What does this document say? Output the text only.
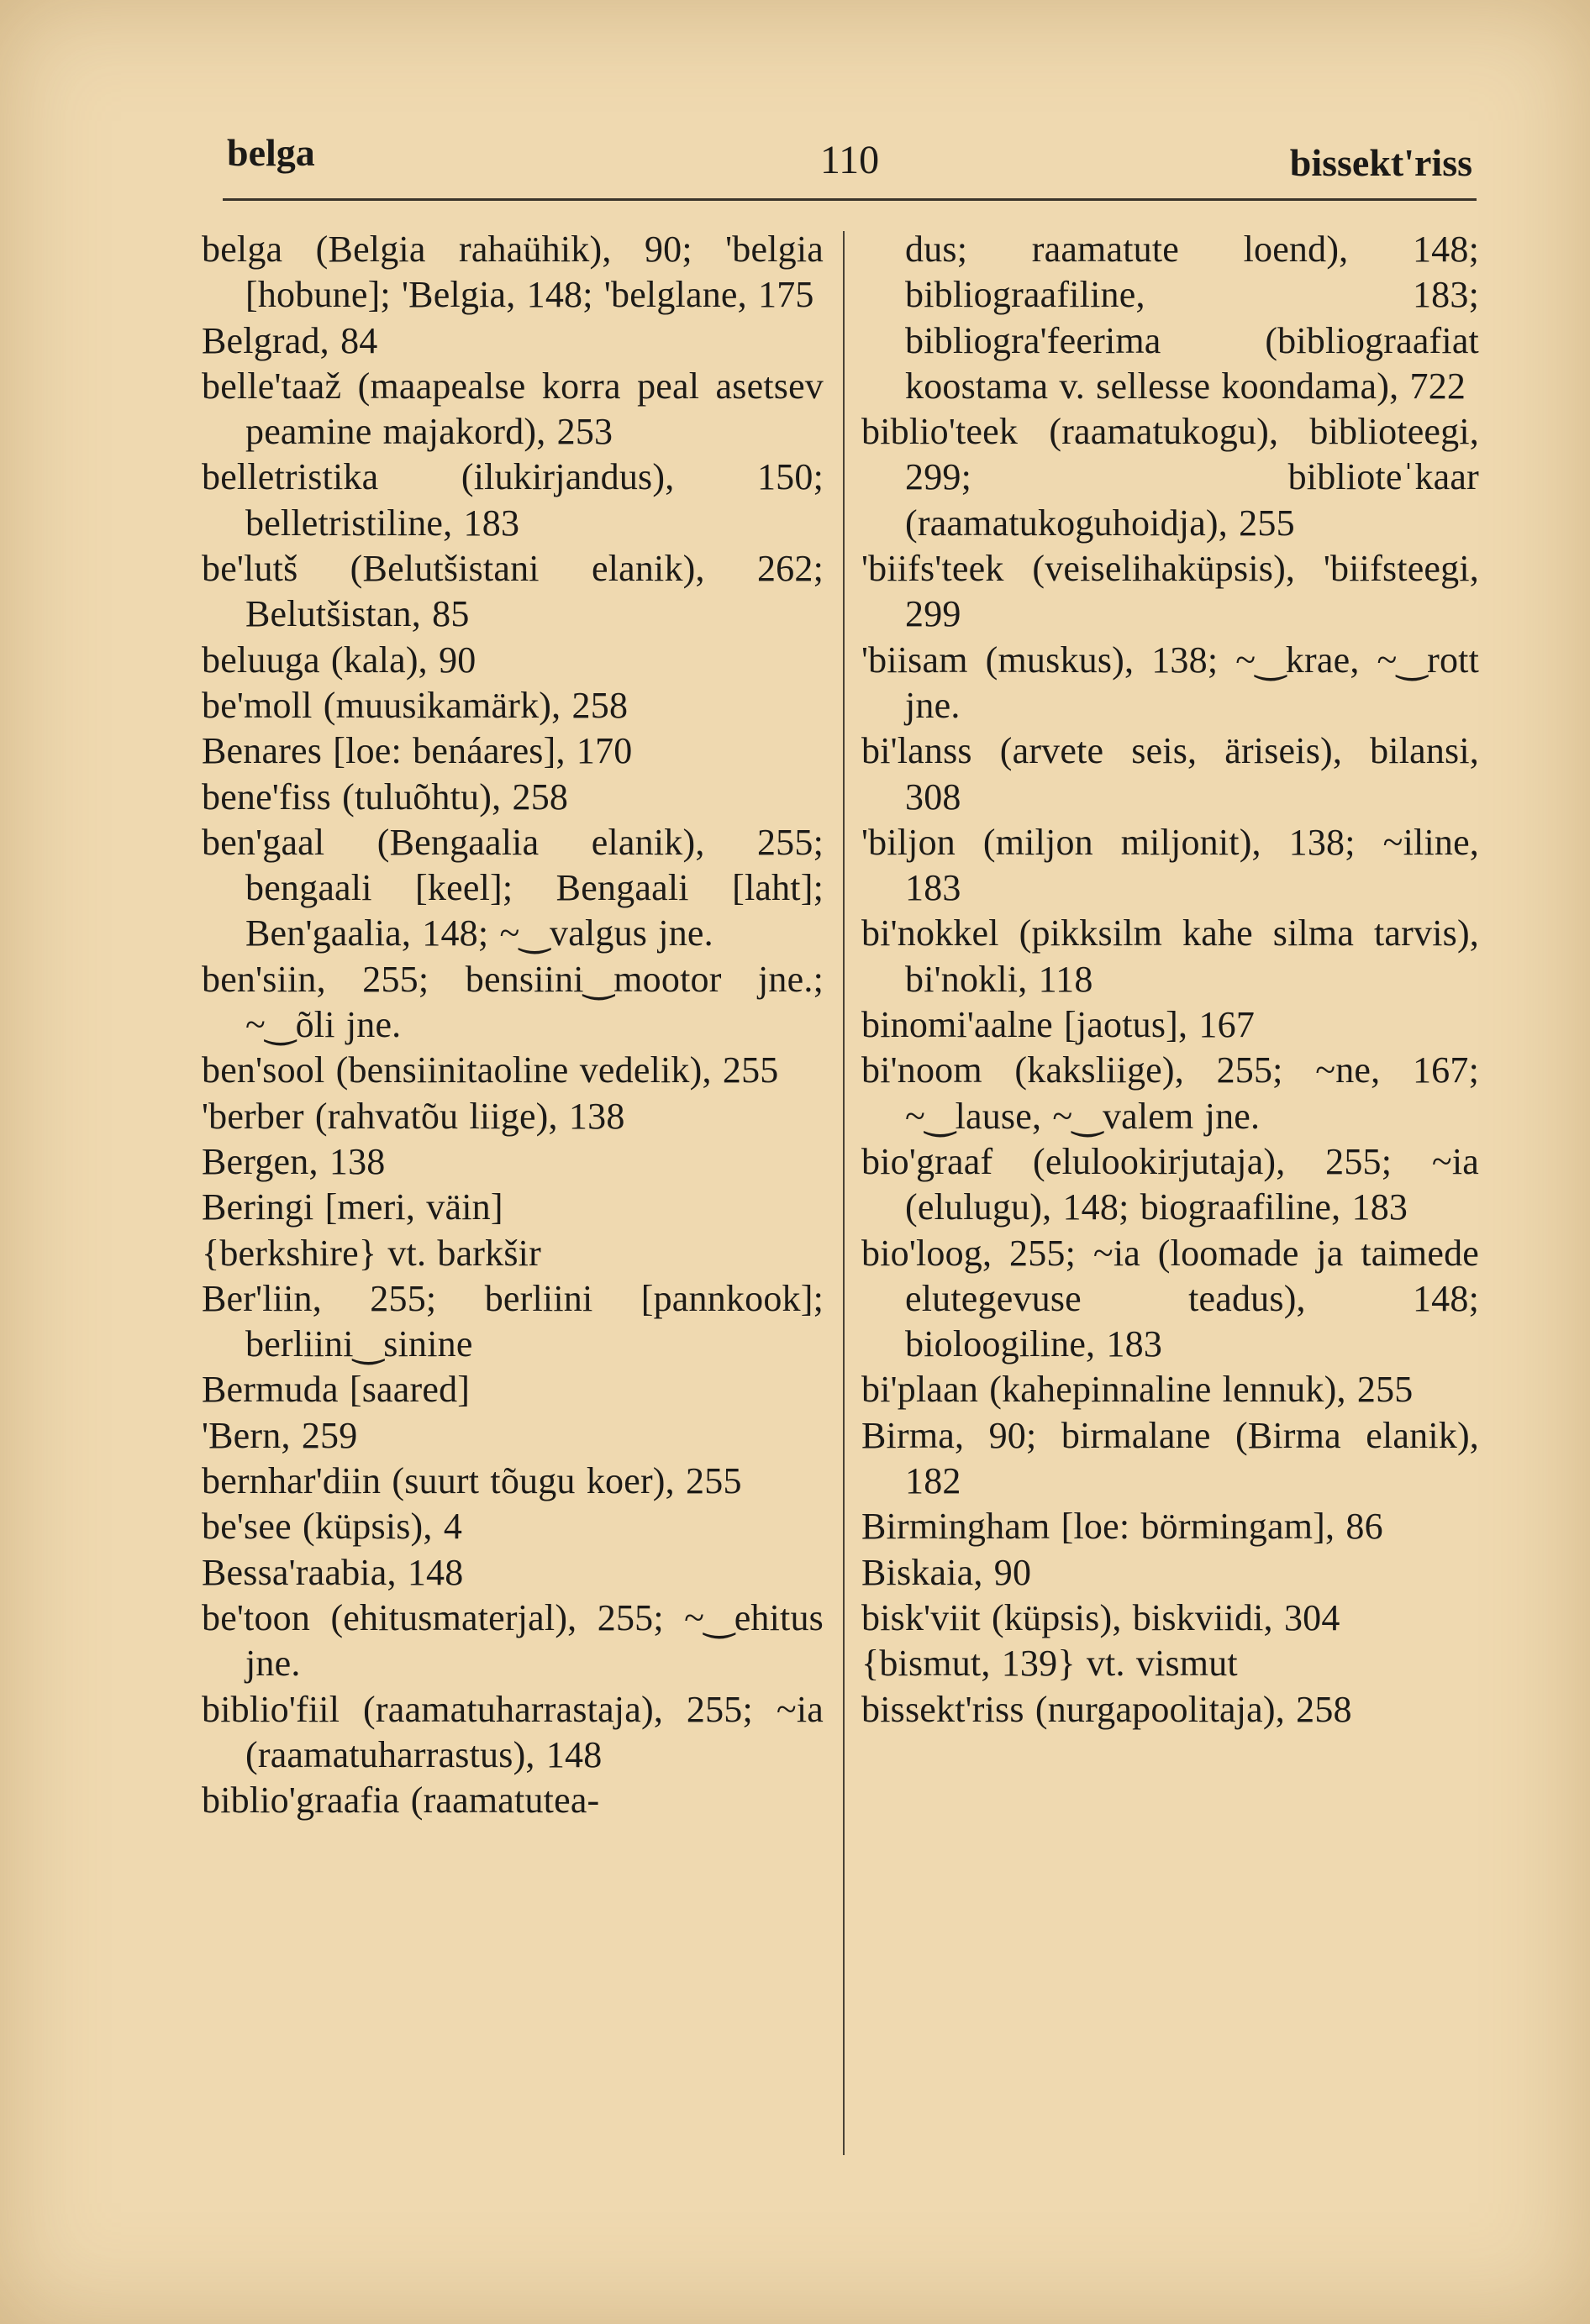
belga	110	bissekt'riss

belga (Belgia rahaühik), 90; 'belgia [hobune]; 'Belgia, 148; 'belglane, 175

Belgrad, 84

belle'taaž (maapealse korra peal asetsev peamine majakord), 253

belletristika (ilukirjandus), 150; belletristiline, 183

be'lutš (Belutšistani elanik), 262; Belutšistan, 85

beluuga (kala), 90

be'moll (muusikamärk), 258

Benares [loe: benáares], 170

bene'fiss (tuluõhtu), 258

ben'gaal (Bengaalia elanik), 255; bengaali [keel]; Bengaali [laht]; Ben'gaalia, 148; ~‿valgus jne.

ben'siin, 255; bensiini‿mootor jne.; ~‿õli jne.

ben'sool (bensiinitaoline vedelik), 255

'berber (rahvatõu liige), 138

Bergen, 138

Beringi [meri, väin]

{berkshire} vt. barkšir

Ber'liin, 255; berliini [pannkook]; berliini‿sinine

Bermuda [saared]

'Bern, 259

bernhar'diin (suurt tõugu koer), 255

be'see (küpsis), 4

Bessa'raabia, 148

be'toon (ehitusmaterjal), 255; ~‿ehitus jne.

biblio'fiil (raamatuharrastaja), 255; ~ia (raamatuharrastus), 148

biblio'graafia (raamatutea-

dus; raamatute loend), 148; bibliograafiline, 183; bibliogra'feerima (bibliograafiat koostama v. sellesse koondama), 722

biblio'teek (raamatukogu), biblioteegi, 299; biblioteˈkaar (raamatukoguhoidja), 255

'biifs'teek (veiselihaküpsis), 'biifsteegi, 299

'biisam (muskus), 138; ~‿krae, ~‿rott jne.

bi'lanss (arvete seis, äriseis), bilansi, 308

'biljon (miljon miljonit), 138; ~iline, 183

bi'nokkel (pikksilm kahe silma tarvis), bi'nokli, 118

binomi'aalne [jaotus], 167

bi'noom (kaksliige), 255; ~ne, 167; ~‿lause, ~‿valem jne.

bio'graaf (elulookirjutaja), 255; ~ia (elulugu), 148; biograafiline, 183

bio'loog, 255; ~ia (loomade ja taimede elutegevuse teadus), 148; bioloogiline, 183

bi'plaan (kahepinnaline lennuk), 255

Birma, 90; birmalane (Birma elanik), 182

Birmingham [loe: börmingam], 86

Biskaia, 90

bisk'viit (küpsis), biskviidi, 304

{bismut, 139} vt. vismut

bissekt'riss (nurgapoolitaja), 258
